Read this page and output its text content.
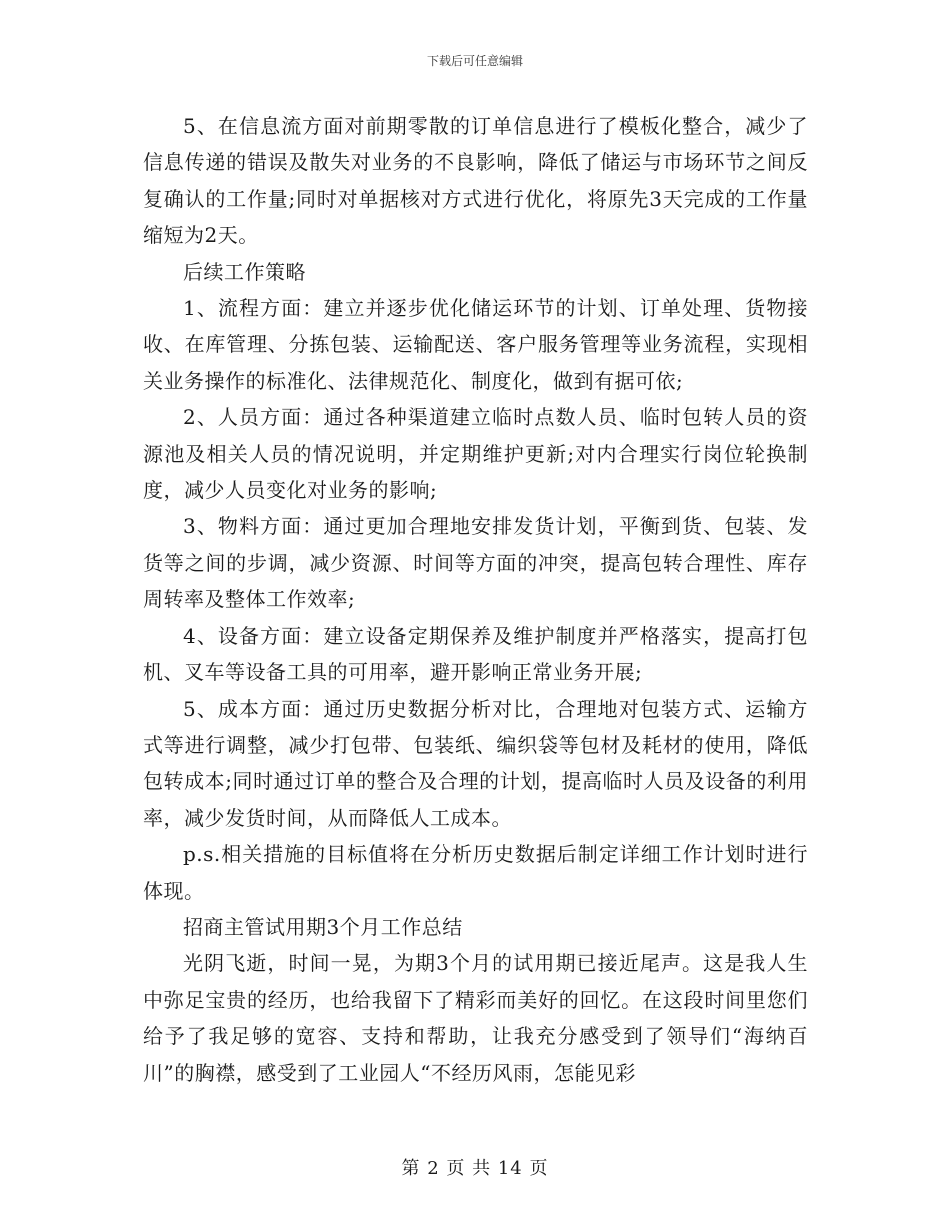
下载后可任意编辑

5、在信息流方面对前期零散的订单信息进行了模板化整合，减少了信息传递的错误及散失对业务的不良影响，降低了储运与市场环节之间反复确认的工作量;同时对单据核对方式进行优化，将原先3天完成的工作量缩短为2天。

后续工作策略

1、流程方面：建立并逐步优化储运环节的计划、订单处理、货物接收、在库管理、分拣包装、运输配送、客户服务管理等业务流程，实现相关业务操作的标准化、法律规范化、制度化，做到有据可依;

2、人员方面：通过各种渠道建立临时点数人员、临时包转人员的资源池及相关人员的情况说明，并定期维护更新;对内合理实行岗位轮换制度，减少人员变化对业务的影响;

3、物料方面：通过更加合理地安排发货计划，平衡到货、包装、发货等之间的步调，减少资源、时间等方面的冲突，提高包转合理性、库存周转率及整体工作效率;

4、设备方面：建立设备定期保养及维护制度并严格落实，提高打包机、叉车等设备工具的可用率，避开影响正常业务开展;

5、成本方面：通过历史数据分析对比，合理地对包装方式、运输方式等进行调整，减少打包带、包装纸、编织袋等包材及耗材的使用，降低包转成本;同时通过订单的整合及合理的计划，提高临时人员及设备的利用率，减少发货时间，从而降低人工成本。

p.s.相关措施的目标值将在分析历史数据后制定详细工作计划时进行体现。

招商主管试用期3个月工作总结

光阴飞逝，时间一晃，为期3个月的试用期已接近尾声。这是我人生中弥足宝贵的经历，也给我留下了精彩而美好的回忆。在这段时间里您们给予了我足够的宽容、支持和帮助，让我充分感受到了领导们“海纳百川”的胸襟，感受到了工业园人“不经历风雨，怎能见彩

第 2 页 共 14 页
